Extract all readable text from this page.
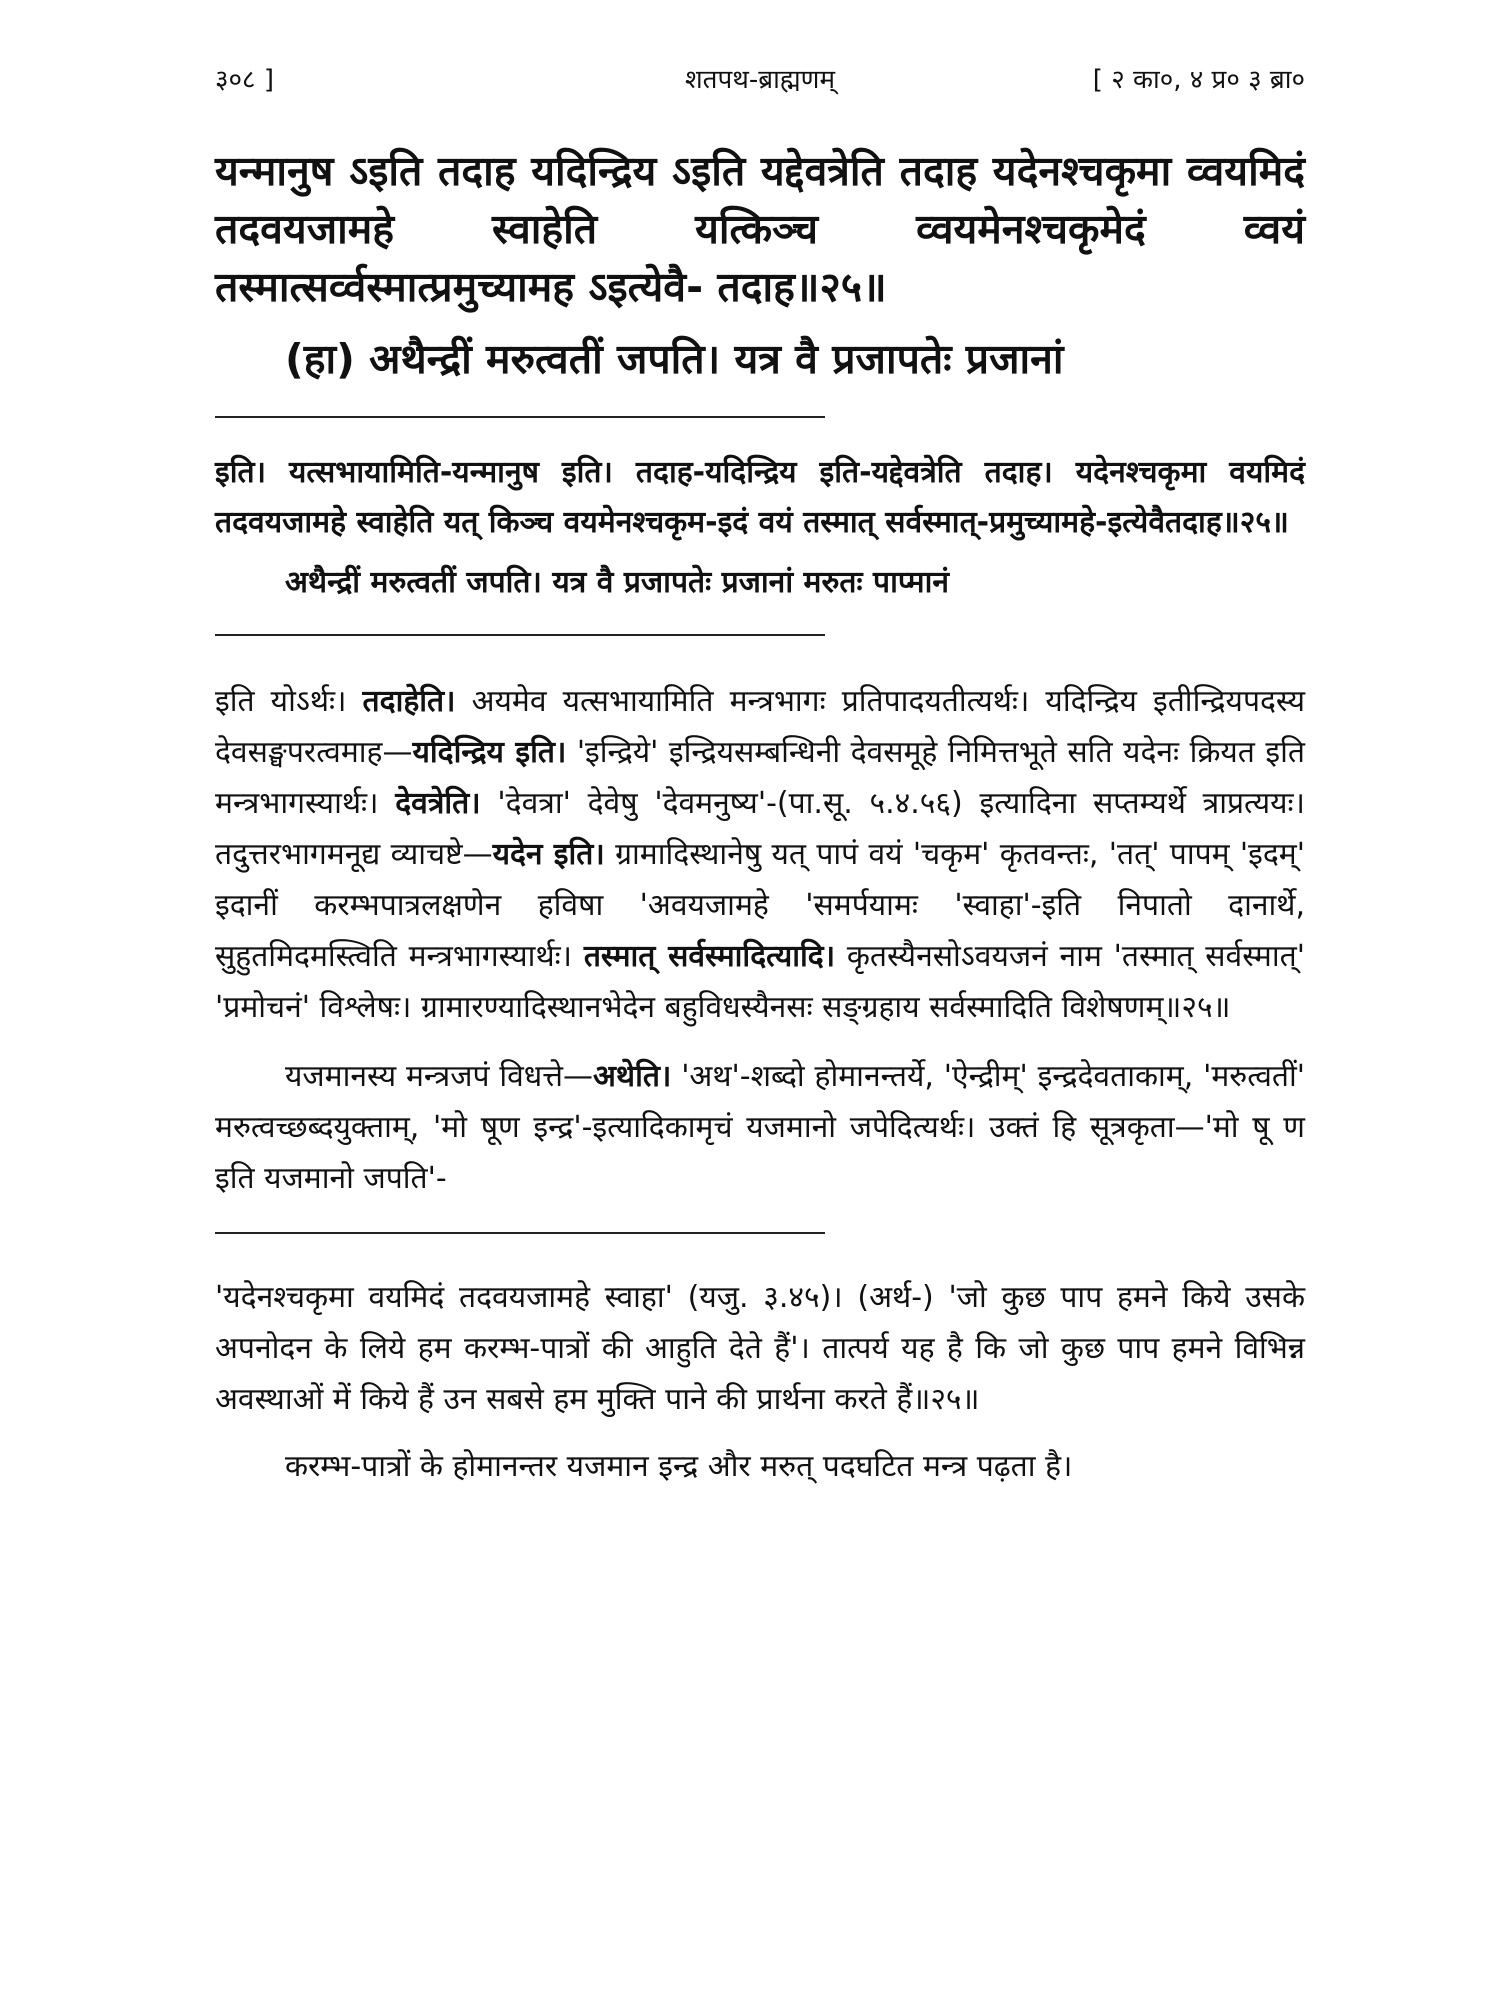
३०८ ]	शतपथ-ब्राह्मणम्	[ २ का०, ४ प्र० ३ ब्रा०
यन्मानुष ऽइति तदाह यदिन्द्रिय ऽइति यद्देवत्रेति तदाह यदेनश्चकृमा व्वयमिदं तदवयजामहे स्वाहेति यत्किञ्च व्वयमेनश्चकृमेदं व्वयं तस्मात्सर्व्वस्मात्प्रमुच्यामह ऽइत्येवै- तदाह॥२५॥
(हा) अथैन्द्रीं मरुत्वतीं जपति। यत्र वै प्रजापतेः प्रजानां
इति। यत्सभायामिति-यन्मानुष इति। तदाह-यदिन्द्रिय इति-यद्देवत्रेति तदाह। यदेनश्चकृमा वयमिदं तदवयजामहे स्वाहेति यत् किञ्च वयमेनश्चकृम-इदं वयं तस्मात् सर्वस्मात्-प्रमुच्यामहे-इत्येवैतदाह॥२५॥
अथैन्द्रीं मरुत्वतीं जपति। यत्र वै प्रजापतेः प्रजानां मरुतः पाप्मानं
इति योऽर्थः। तदाहेति। अयमेव यत्सभायामिति मन्त्रभागः प्रतिपादयतीत्यर्थः। यदिन्द्रिय इतीन्द्रियपदस्य देवसङ्घपरत्वमाह—यदिन्द्रिय इति। 'इन्द्रिये' इन्द्रियसम्बन्धिनी देवसमूहे निमित्तभूते सति यदेनः क्रियत इति मन्त्रभागस्यार्थः। देवत्रेति। 'देवत्रा' देवेषु 'देवमनुष्य'-(पा.सू. ५.४.५६) इत्यादिना सप्तम्यर्थे त्राप्रत्ययः। तदुत्तरभागमनूद्य व्याचष्टे—यदेन इति। ग्रामादिस्थानेषु यत् पापं वयं 'चकृम' कृतवन्तः, 'तत्' पापम् 'इदम्' इदानीं करम्भपात्रलक्षणेन हविषा 'अवयजामहे 'समर्पयामः 'स्वाहा'-इति निपातो दानार्थे, सुहुतमिदमस्त्विति मन्त्रभागस्यार्थः। तस्मात् सर्वस्मादित्यादि। कृतस्यैनसोऽवयजनं नाम 'तस्मात् सर्वस्मात्' 'प्रमोचनं' विश्लेषः। ग्रामारण्यादिस्थानभेदेन बहुविधस्यैनसः सङ्ग्रहाय सर्वस्मादिति विशेषणम्॥२५॥
यजमानस्य मन्त्रजपं विधत्ते—अथेति। 'अथ'-शब्दो होमानन्तर्ये, 'ऐन्द्रीम्' इन्द्रदेवताकाम्, 'मरुत्वतीं' मरुत्वच्छब्दयुक्ताम्, 'मो षूण इन्द्र'-इत्यादिकामृचं यजमानो जपेदित्यर्थः। उक्तं हि सूत्रकृता—'मो षू ण इति यजमानो जपति'-
'यदेनश्चकृमा वयमिदं तदवयजामहे स्वाहा' (यजु. ३.४५)। (अर्थ-) 'जो कुछ पाप हमने किये उसके अपनोदन के लिये हम करम्भ-पात्रों की आहुति देते हैं'। तात्पर्य यह है कि जो कुछ पाप हमने विभिन्न अवस्थाओं में किये हैं उन सबसे हम मुक्ति पाने की प्रार्थना करते हैं॥२५॥
करम्भ-पात्रों के होमानन्तर यजमान इन्द्र और मरुत् पदघटित मन्त्र पढ़ता है।
